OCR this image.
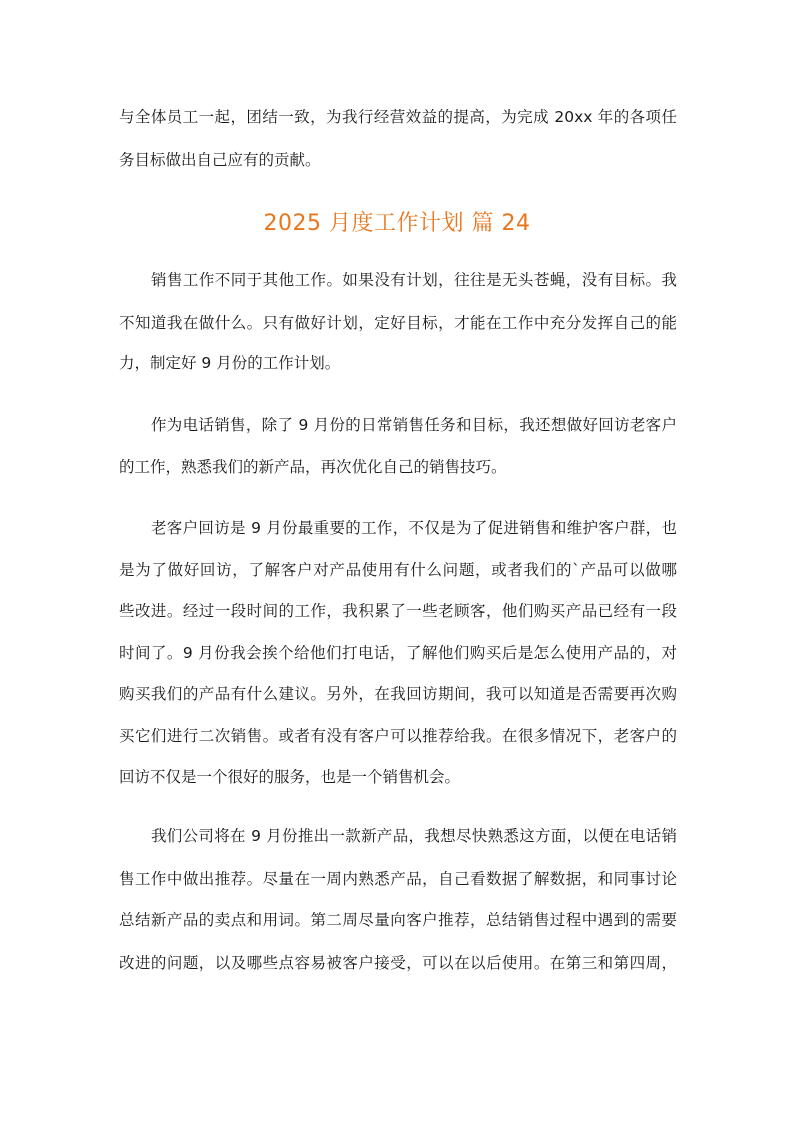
与全体员工一起，团结一致，为我行经营效益的提高，为完成 20xx 年的各项任
务目标做出自己应有的贡献。
2025 月度工作计划 篇 24
销售工作不同于其他工作。如果没有计划，往往是无头苍蝇，没有目标。我
不知道我在做什么。只有做好计划，定好目标，才能在工作中充分发挥自己的能
力，制定好 9 月份的工作计划。
作为电话销售，除了 9 月份的日常销售任务和目标，我还想做好回访老客户
的工作，熟悉我们的新产品，再次优化自己的销售技巧。
老客户回访是 9 月份最重要的工作，不仅是为了促进销售和维护客户群，也
是为了做好回访，了解客户对产品使用有什么问题，或者我们的`产品可以做哪
些改进。经过一段时间的工作，我积累了一些老顾客，他们购买产品已经有一段
时间了。9 月份我会挨个给他们打电话，了解他们购买后是怎么使用产品的，对
购买我们的产品有什么建议。另外，在我回访期间，我可以知道是否需要再次购
买它们进行二次销售。或者有没有客户可以推荐给我。在很多情况下，老客户的
回访不仅是一个很好的服务，也是一个销售机会。
我们公司将在 9 月份推出一款新产品，我想尽快熟悉这方面，以便在电话销
售工作中做出推荐。尽量在一周内熟悉产品，自己看数据了解数据，和同事讨论
总结新产品的卖点和用词。第二周尽量向客户推荐，总结销售过程中遇到的需要
改进的问题，以及哪些点容易被客户接受，可以在以后使用。在第三和第四周，
